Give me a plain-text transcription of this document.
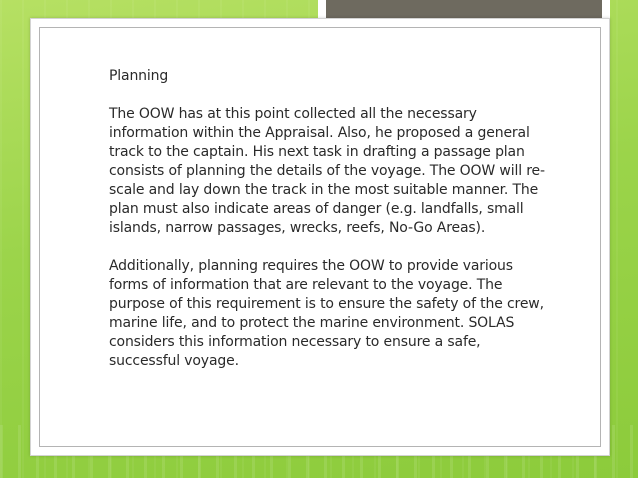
Planning

The OOW has at this point collected all the necessary information within the Appraisal. Also, he proposed a general track to the captain. His next task in drafting a passage plan consists of planning the details of the voyage. The OOW will re-scale and lay down the track in the most suitable manner. The plan must also indicate areas of danger (e.g. landfalls, small islands, narrow passages, wrecks, reefs, No-Go Areas).

Additionally, planning requires the OOW to provide various forms of information that are relevant to the voyage. The purpose of this requirement is to ensure the safety of the crew, marine life, and to protect the marine environment. SOLAS considers this information necessary to ensure a safe, successful voyage.
